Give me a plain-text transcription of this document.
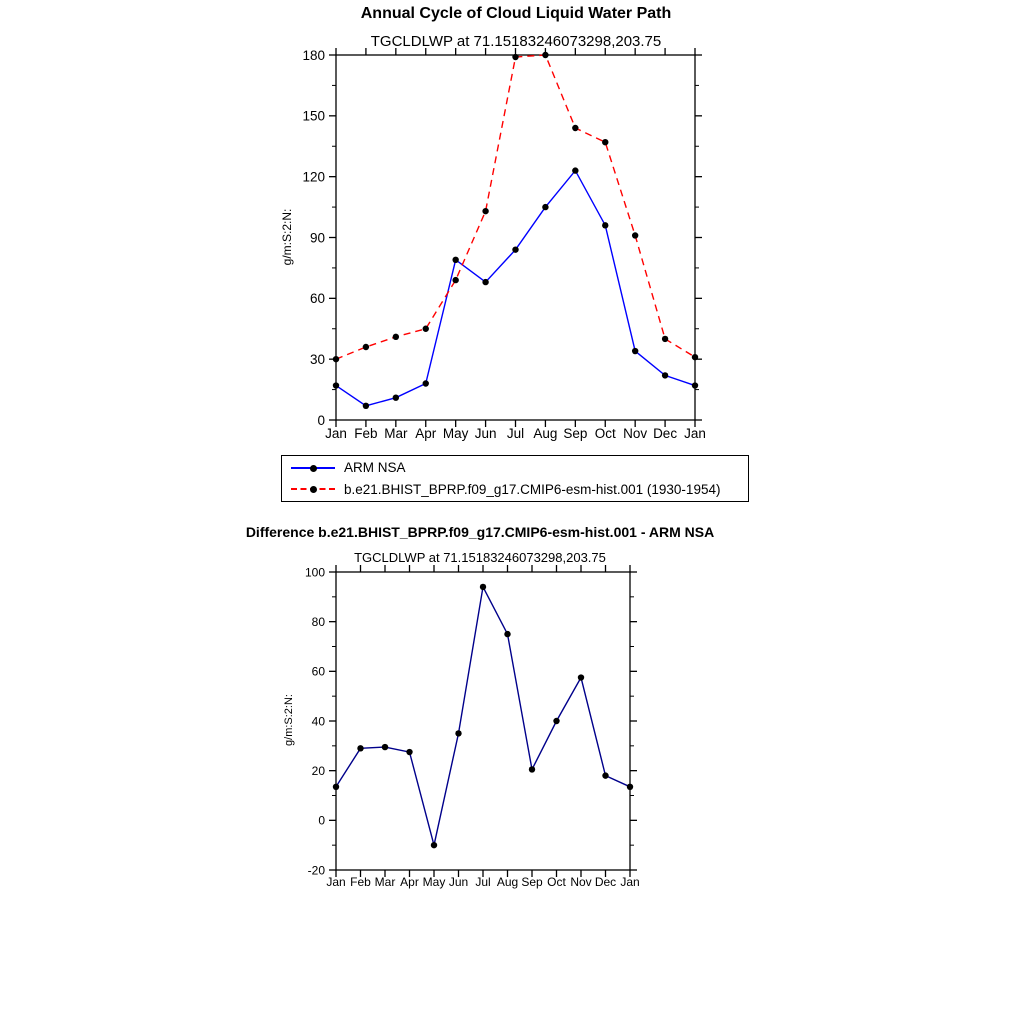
0
30
60
90
120
150
180
Jan Feb Mar Apr May Jun Jul Aug Sep Oct Nov Dec Jan
-20
0
20
40
60
80
100
Jan Feb Mar Apr May Jun Jul Aug Sep Oct Nov Dec Jan
Annual Cycle of Cloud Liquid Water Path
TGCLDLWP at 71.15183246073298,203.75
g/m:S:2:N:
ARM NSA
b.e21.BHIST_BPRP.f09_g17.CMIP6-esm-hist.001 (1930-1954)
Difference b.e21.BHIST_BPRP.f09_g17.CMIP6-esm-hist.001 - ARM NSA
TGCLDLWP at 71.15183246073298,203.75
g/m:S:2:N:
